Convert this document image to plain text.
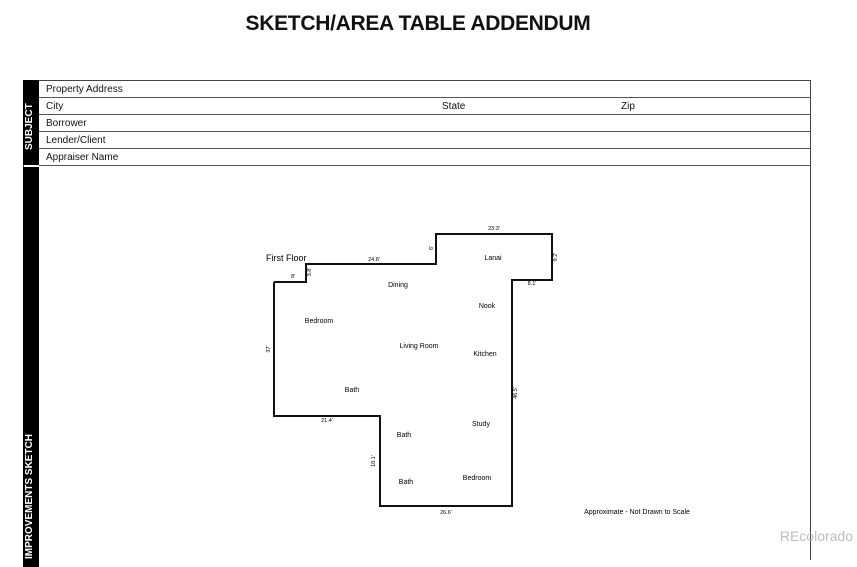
SKETCH/AREA TABLE ADDENDUM
SUBJECT
IMPROVEMENTS SKETCH
Property Address
City	State	Zip
Borrower
Lender/Client
Appraiser Name
First Floor
Dining
Lanai
Nook
Bedroom
Living Room
Kitchen
Bath
Study
Bath
Bath
Bedroom
23.3'
9.2'
8.1'
24.8'
6'
3.8'
8'
37'
46.5'
21.4'
18.1'
26.6'	Approximate - Not Drawn to Scale
REcolorado
